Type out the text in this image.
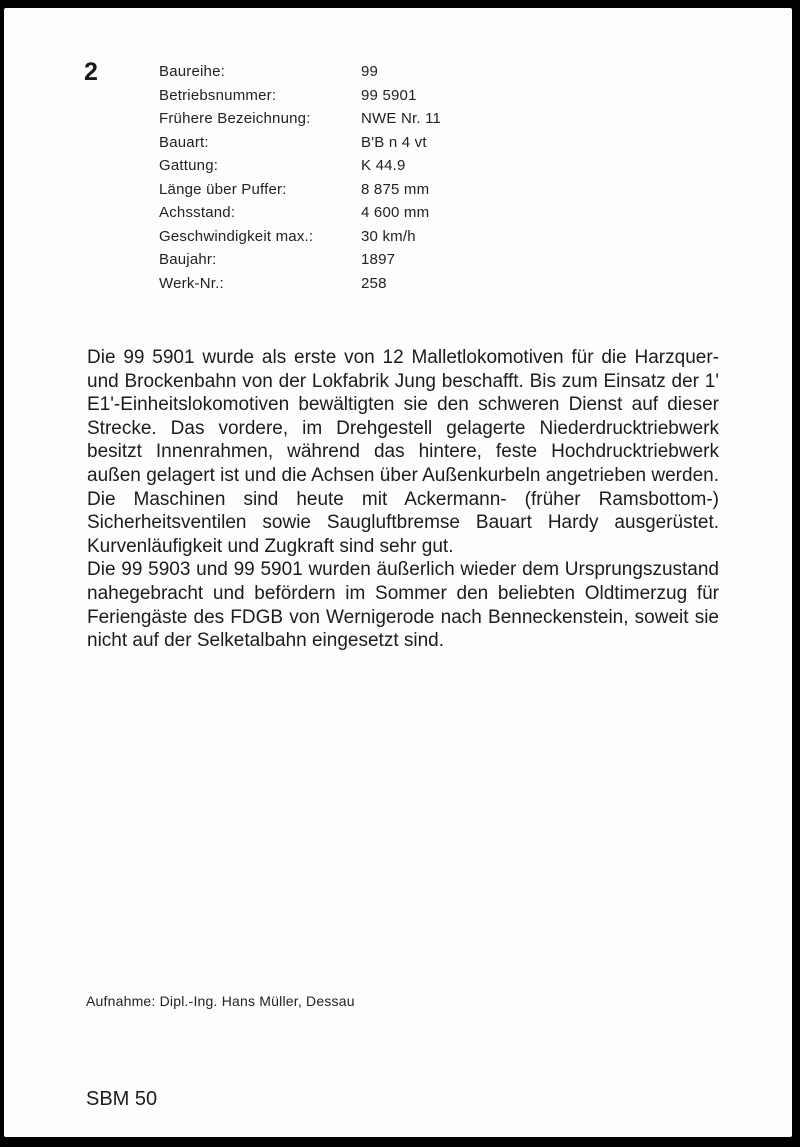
2	Baureihe:	99
Betriebsnummer:	99 5901
Frühere Bezeichnung:	NWE Nr. 11
Bauart:	B'B n 4 vt
Gattung:	K 44.9
Länge über Puffer:	8 875 mm
Achsstand:	4 600 mm
Geschwindigkeit max.:	30 km/h
Baujahr:	1897
Werk-Nr.:	258

Die 99 5901 wurde als erste von 12 Malletlokomotiven für die Harzquer- und Brockenbahn von der Lokfabrik Jung beschafft. Bis zum Einsatz der 1' E1'-Einheitslokomotiven bewältigten sie den schweren Dienst auf dieser Strecke. Das vordere, im Drehgestell gelagerte Niederdrucktriebwerk besitzt Innenrahmen, während das hintere, feste Hochdrucktriebwerk außen gelagert ist und die Achsen über Außenkurbeln angetrieben werden. Die Maschinen sind heute mit Ackermann- (früher Ramsbottom-) Sicherheitsventilen sowie Saugluftbremse Bauart Hardy ausgerüstet. Kurvenläufigkeit und Zugkraft sind sehr gut.

Die 99 5903 und 99 5901 wurden äußerlich wieder dem Ursprungszustand nahegebracht und befördern im Sommer den beliebten Oldtimerzug für Feriengäste des FDGB von Wernigerode nach Benneckenstein, soweit sie nicht auf der Selketalbahn eingesetzt sind.

Aufnahme: Dipl.-Ing. Hans Müller, Dessau
SBM 50
